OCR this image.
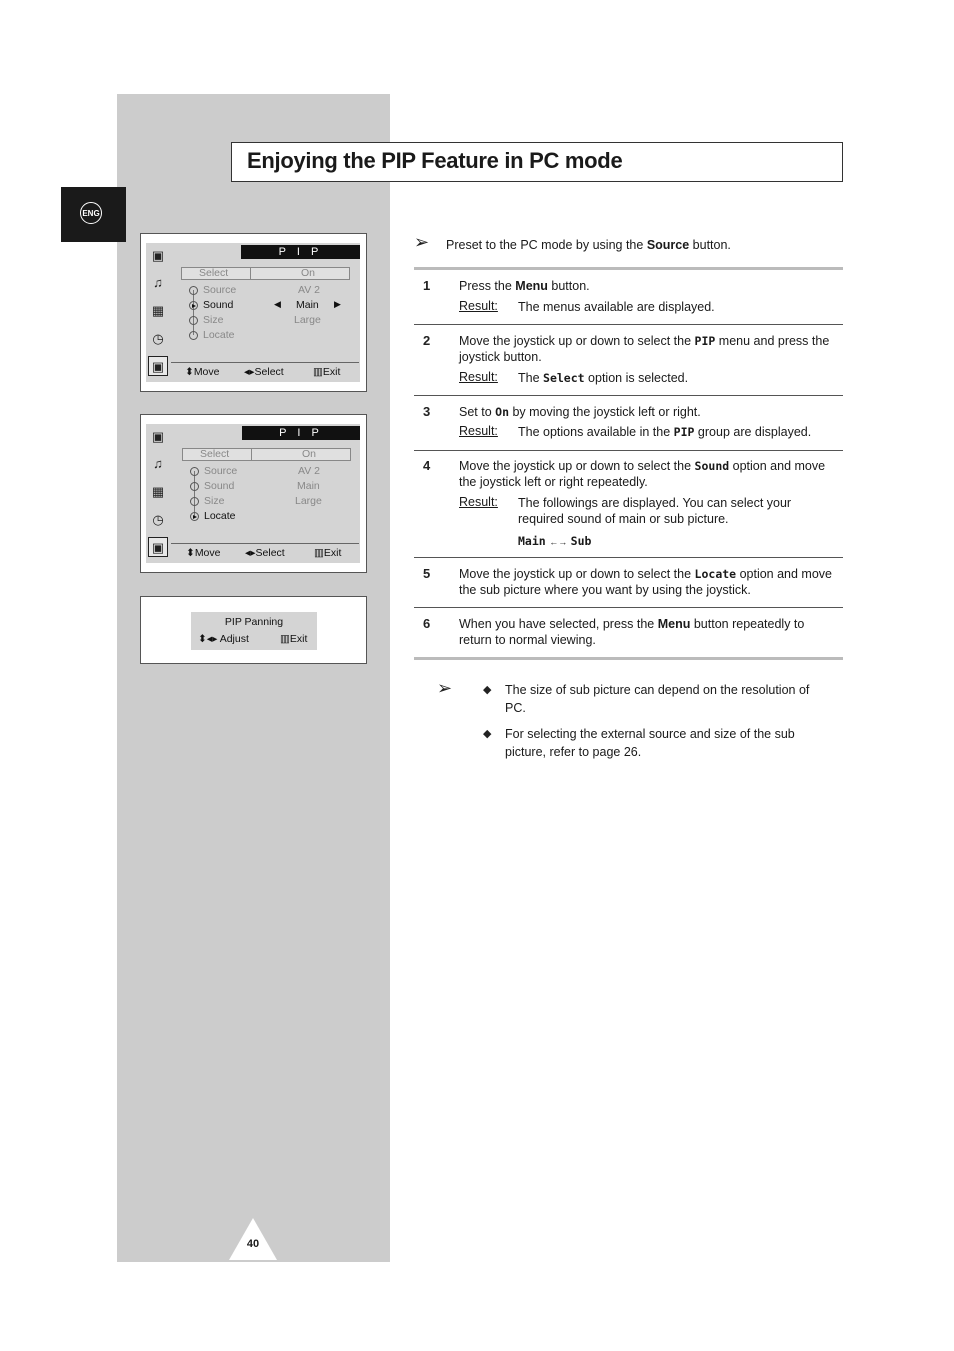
ENG
Enjoying the PIP Feature in PC mode
▣
♫
▦
◷
▣
P I P
Select	On
Source	AV 2
Sound	◀ Main ▶
Size	Large
Locate
⬍Move ◂▸Select	▥Exit
▣
♫
▦
◷
▣
P I P
Select	On
Source	AV 2
Sound	Main
Size	Large
Locate
⬍Move ◂▸Select	▥Exit
PIP Panning
⬍◂▸ Adjust	▥Exit
➢ Preset to the PC mode by using the Source button.
1 Press the Menu button.
Result: The menus available are displayed.
2 Move the joystick up or down to select the PIP menu and press the joystick button.
Result: The Select option is selected.
3 Set to On by moving the joystick left or right.
Result: The options available in the PIP group are displayed.
4 Move the joystick up or down to select the Sound option and move the joystick left or right repeatedly.
Result: The followings are displayed. You can select your required sound of main or sub picture.
Main ←→ Sub
5 Move the joystick up or down to select the Locate option and move the sub picture where you want by using the joystick.
6 When you have selected, press the Menu button repeatedly to return to normal viewing.
➢	◆ The size of sub picture can depend on the resolution of PC.
◆ For selecting the external source and size of the sub picture, refer to page 26.
40
